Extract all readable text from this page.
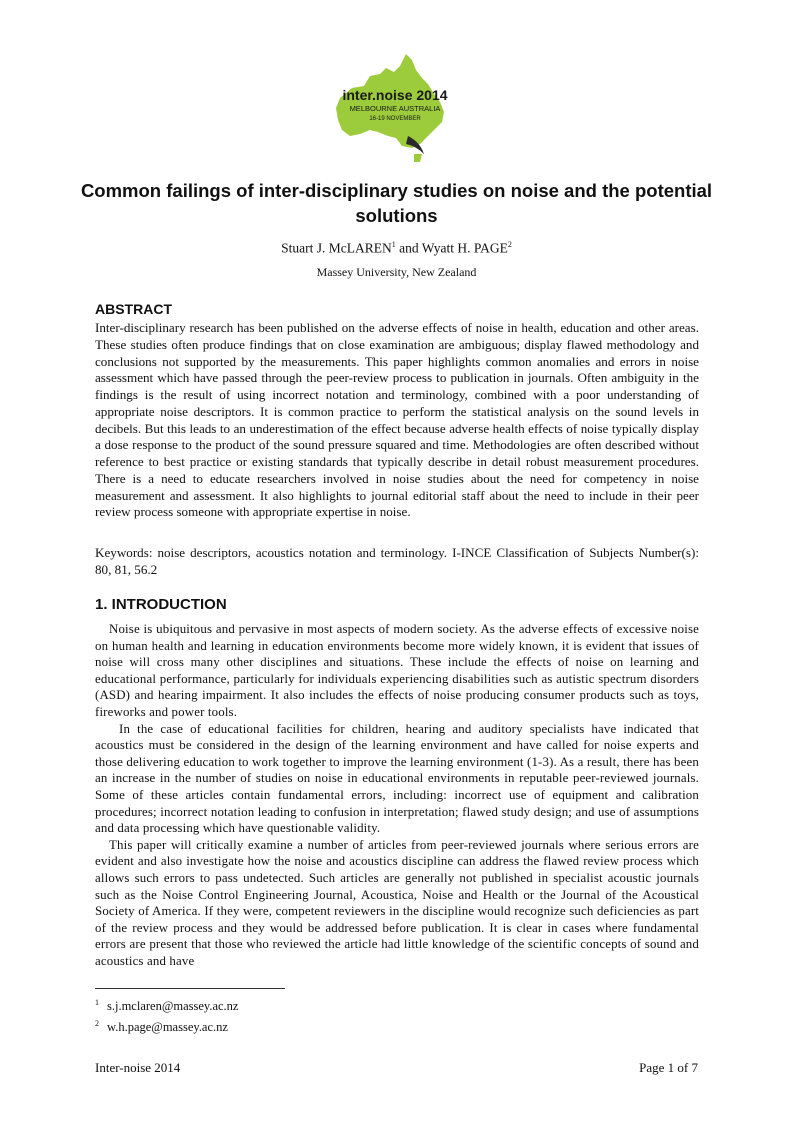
inter.noise 2014
MELBOURNE AUSTRALIA
16-19 NOVEMBER
Common failings of inter-disciplinary studies on noise and the potential solutions
Stuart J. McLAREN$^1$ and Wyatt H. PAGE$^2$
Massey University, New Zealand
ABSTRACT

Inter-disciplinary research has been published on the adverse effects of noise in health, education and other areas. These studies often produce findings that on close examination are ambiguous; display flawed methodology and conclusions not supported by the measurements. This paper highlights common anomalies and errors in noise assessment which have passed through the peer-review process to publication in journals. Often ambiguity in the findings is the result of using incorrect notation and terminology, combined with a poor understanding of appropriate noise descriptors. It is common practice to perform the statistical analysis on the sound levels in decibels. But this leads to an underestimation of the effect because adverse health effects of noise typically display a dose response to the product of the sound pressure squared and time. Methodologies are often described without reference to best practice or existing standards that typically describe in detail robust measurement procedures. There is a need to educate researchers involved in noise studies about the need for competency in noise measurement and assessment. It also highlights to journal editorial staff about the need to include in their peer review process someone with appropriate expertise in noise.

Keywords: noise descriptors, acoustics notation and terminology. I-INCE Classification of Subjects Number(s): 80, 81, 56.2

1. INTRODUCTION

Noise is ubiquitous and pervasive in most aspects of modern society. As the adverse effects of excessive noise on human health and learning in education environments become more widely known, it is evident that issues of noise will cross many other disciplines and situations. These include the effects of noise on learning and educational performance, particularly for individuals experiencing disabilities such as autistic spectrum disorders (ASD) and hearing impairment. It also includes the effects of noise producing consumer products such as toys, fireworks and power tools.

In the case of educational facilities for children, hearing and auditory specialists have indicated that acoustics must be considered in the design of the learning environment and have called for noise experts and those delivering education to work together to improve the learning environment (1-3). As a result, there has been an increase in the number of studies on noise in educational environments in reputable peer-reviewed journals. Some of these articles contain fundamental errors, including: incorrect use of equipment and calibration procedures; incorrect notation leading to confusion in interpretation; flawed study design; and use of assumptions and data processing which have questionable validity.

This paper will critically examine a number of articles from peer-reviewed journals where serious errors are evident and also investigate how the noise and acoustics discipline can address the flawed review process which allows such errors to pass undetected. Such articles are generally not published in specialist acoustic journals such as the Noise Control Engineering Journal, Acoustica, Noise and Health or the Journal of the Acoustical Society of America. If they were, competent reviewers in the discipline would recognize such deficiencies as part of the review process and they would be addressed before publication. It is clear in cases where fundamental errors are present that those who reviewed the article had little knowledge of the scientific concepts of sound and acoustics and have

$^1$ s.j.mclaren@massey.ac.nz
$^2$ w.h.page@massey.ac.nz
Inter-noise 2014	Page 1 of 7
